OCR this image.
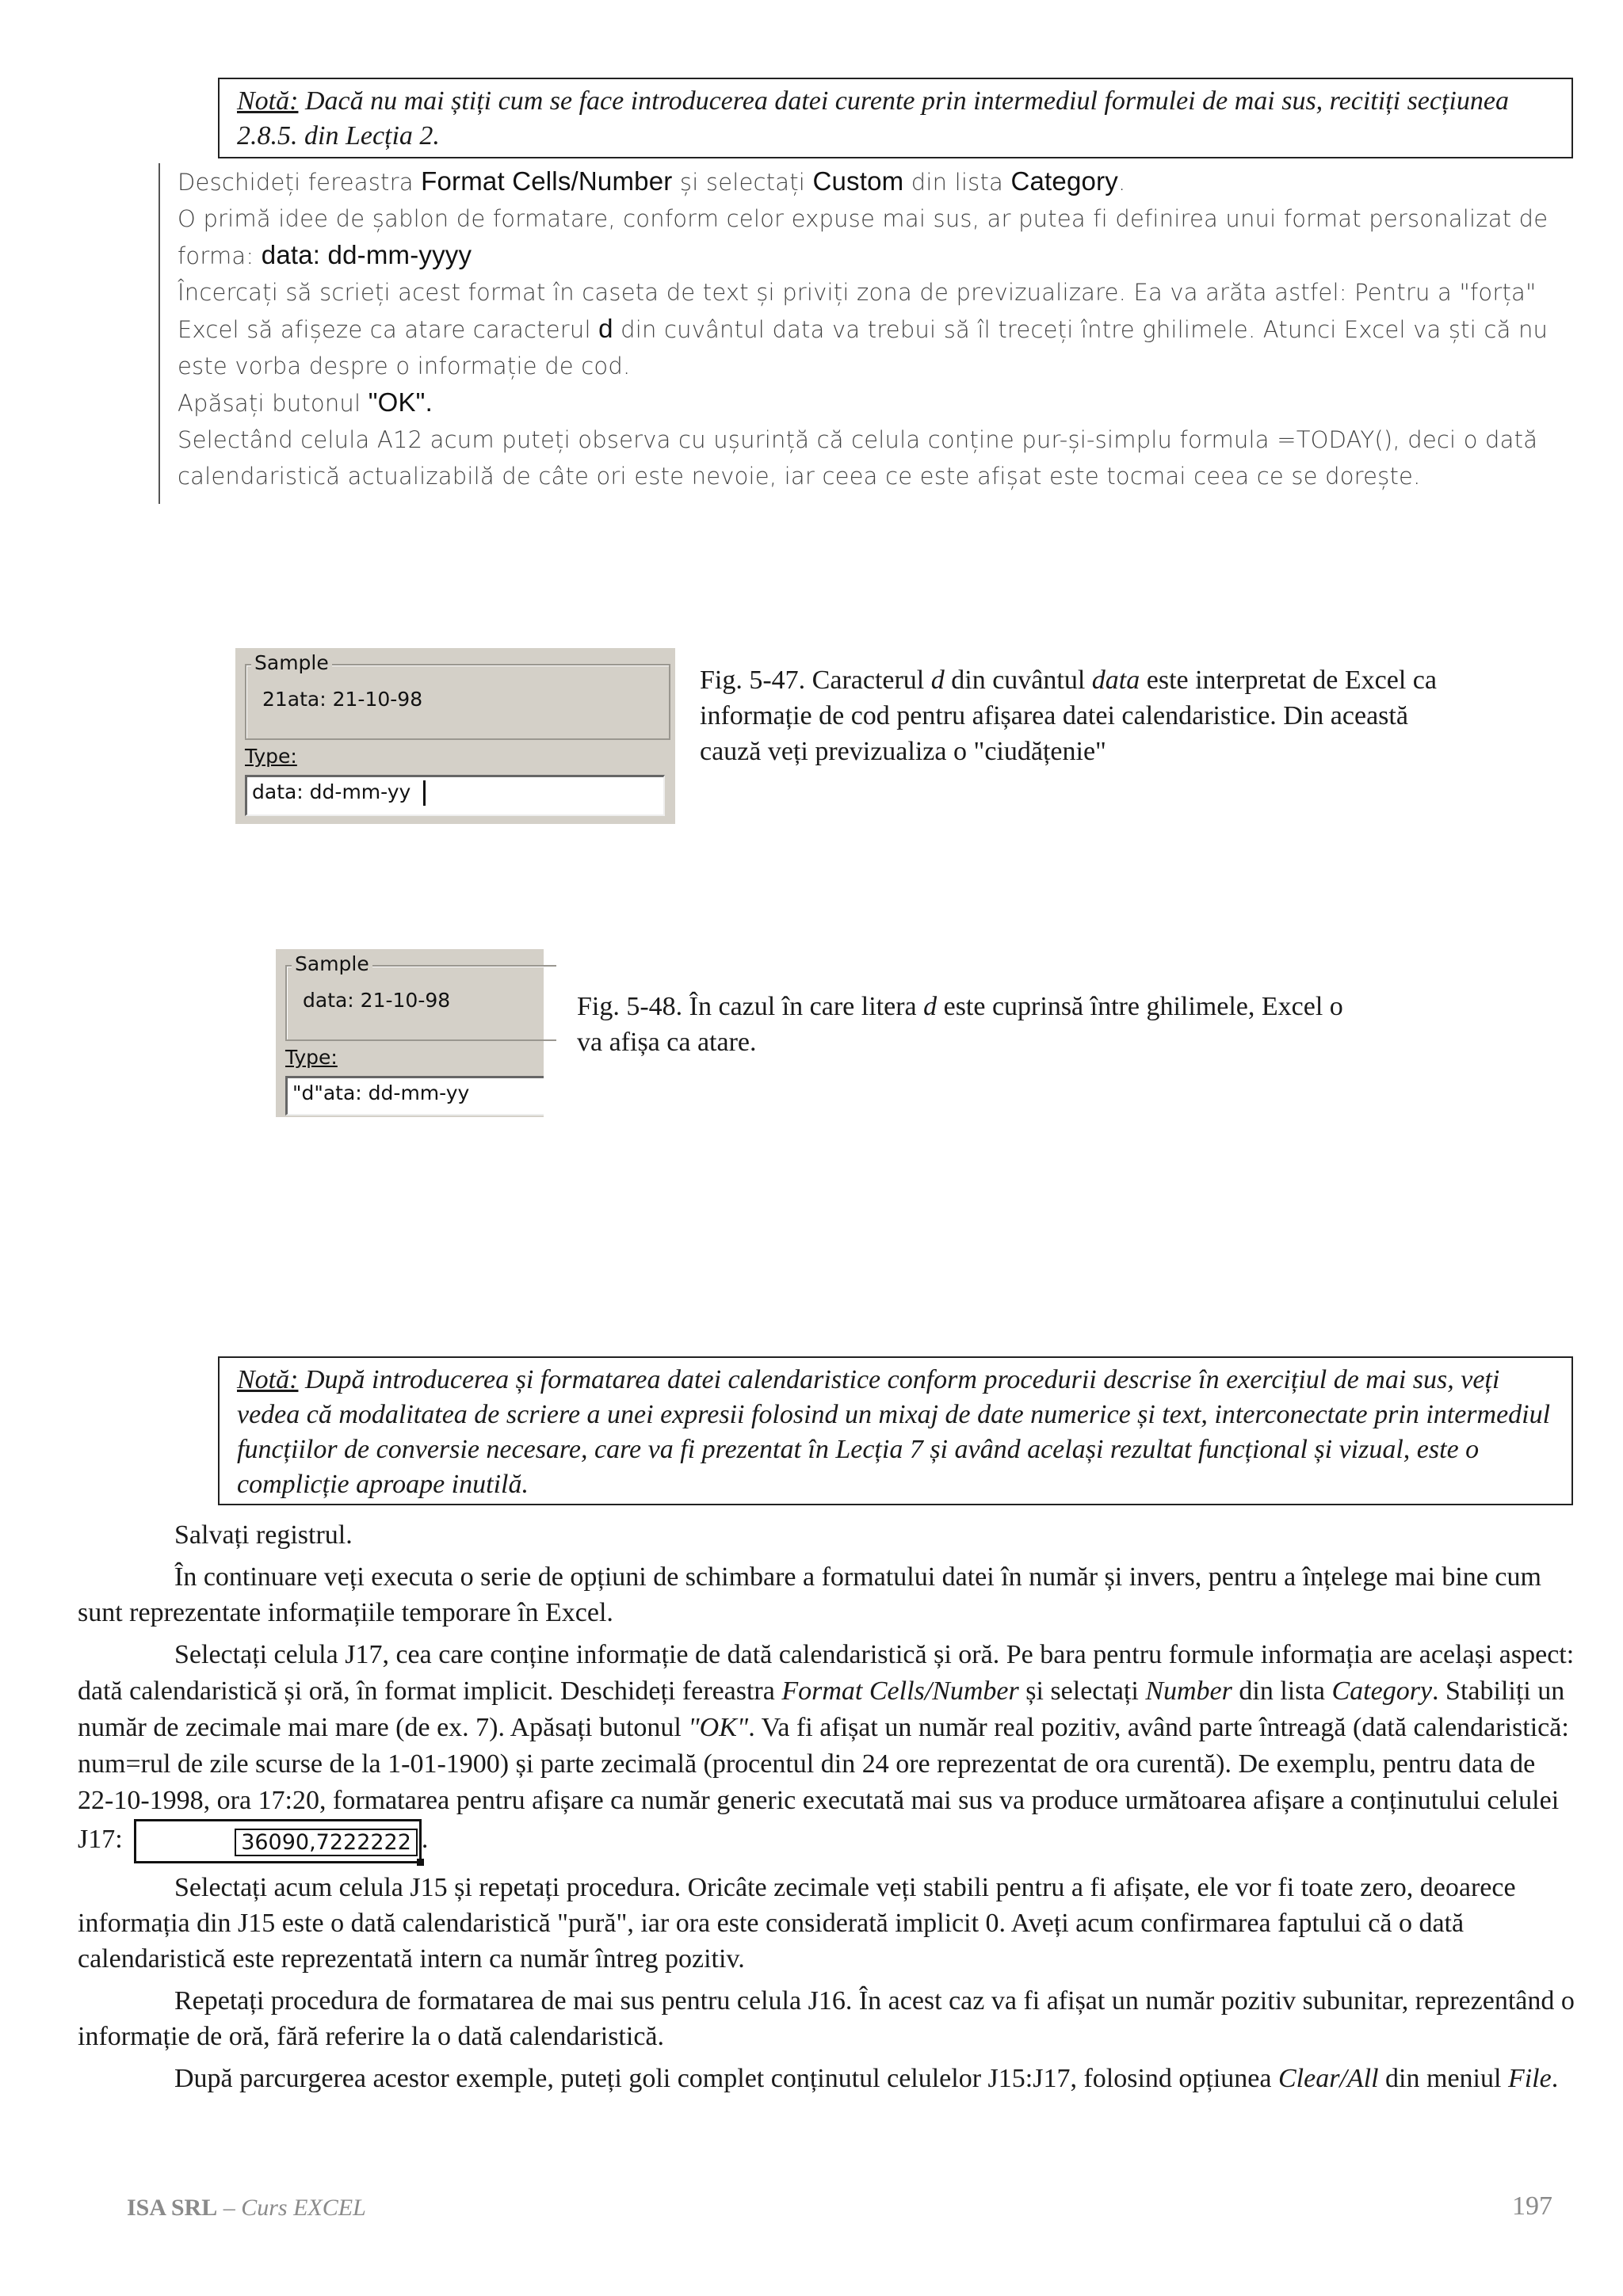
Notă: Dacă nu mai știți cum se face introducerea datei curente prin intermediul formulei de mai sus, recitiți secțiunea 2.8.5. din Lecția 2.
Deschideți fereastra Format Cells/Number și selectați Custom din lista Category.
O primă idee de șablon de formatare, conform celor expuse mai sus, ar putea fi definirea unui format personalizat de forma: data: dd-mm-yyyy
Încercați să scrieți acest format în caseta de text și priviți zona de previzualizare. Ea va arăta astfel: Pentru a "forța" Excel să afișeze ca atare caracterul d din cuvântul data va trebui să îl treceți între ghilimele. Atunci Excel va ști că nu este vorba despre o informație de cod.
Apăsați butonul "OK".
Selectând celula A12 acum puteți observa cu ușurință că celula conține pur-și-simplu formula =TODAY(), deci o dată calendaristică actualizabilă de câte ori este nevoie, iar ceea ce este afișat este tocmai ceea ce se dorește.
Sample
21ata: 21-10-98
Type:
data: dd-mm-yy
Fig. 5-47. Caracterul d din cuvântul data este interpretat de Excel ca informație de cod pentru afișarea datei calendaristice. Din această cauză veți previzualiza o "ciudățenie"
Sample
data: 21-10-98
Type:
"d"ata: dd-mm-yy
Fig. 5-48. În cazul în care litera d este cuprinsă între ghilimele, Excel o va afișa ca atare.
Notă: După introducerea și formatarea datei calendaristice conform procedurii descrise în exercițiul de mai sus, veți vedea că modalitatea de scriere a unei expresii folosind un mixaj de date numerice și text, interconectate prin intermediul funcțiilor de conversie necesare, care va fi prezentat în Lecția 7 și având același rezultat funcțional și vizual, este o complicție aproape inutilă.

Salvați registrul.

În continuare veți executa o serie de opțiuni de schimbare a formatului datei în număr și invers, pentru a înțelege mai bine cum sunt reprezentate informațiile temporare în Excel.

Selectați celula J17, cea care conține informație de dată calendaristică și oră. Pe bara pentru formule informația are același aspect: dată calendaristică și oră, în format implicit. Deschideți fereastra Format Cells/Number și selectați Number din lista Category. Stabiliți un număr de zecimale mai mare (de ex. 7). Apăsați butonul "OK". Va fi afișat un număr real pozitiv, având parte întreagă (dată calendaristică: num=rul de zile scurse de la 1-01-1900) și parte zecimală (procentul din 24 ore reprezentat de ora curentă). De exemplu, pentru data de 22-10-1998, ora 17:20, formatarea pentru afișare ca număr generic executată mai sus va produce următoarea afișare a conținutului celulei J17:	36090,7222222 .

Selectați acum celula J15 și repetați procedura. Oricâte zecimale veți stabili pentru a fi afișate, ele vor fi toate zero, deoarece informația din J15 este o dată calendaristică "pură", iar ora este considerată implicit 0. Aveți acum confirmarea faptului că o dată calendaristică este reprezentată intern ca număr întreg pozitiv.

Repetați procedura de formatarea de mai sus pentru celula J16. În acest caz va fi afișat un număr pozitiv subunitar, reprezentând o informație de oră, fără referire la o dată calendaristică.

După parcurgerea acestor exemple, puteți goli complet conținutul celulelor J15:J17, folosind opțiunea Clear/All din meniul File.

ISA SRL – Curs EXCEL	197
